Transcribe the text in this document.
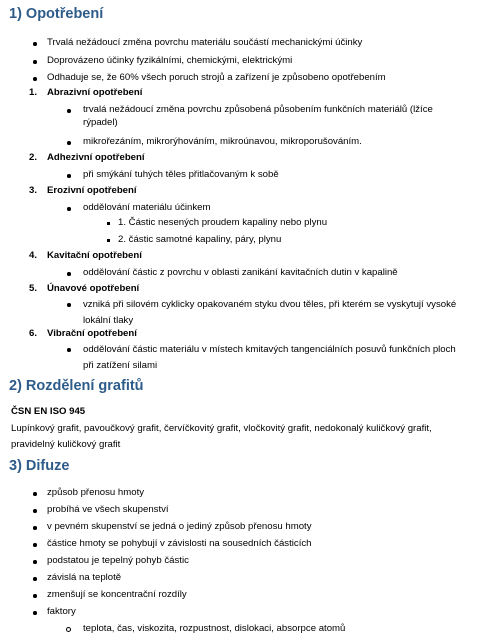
1) Opotřebení
Trvalá nežádoucí změna povrchu materiálu součástí mechanickými účinky
Doprovázeno účinky fyzikálními, chemickými, elektrickými
Odhaduje se, že 60% všech poruch strojů a zařízení je způsobeno opotřebením
1. Abrazivní opotřebení
trvalá nežádoucí změna povrchu způsobená působením funkčních materiálů (lžíce rýpadel)
mikrořezáním, mikrorýhováním, mikroúnavou, mikroporušováním.
2. Adhezivní opotřebení
při smýkání tuhých těles přitlačovaným k sobě
3. Erozivní opotřebení
oddělování materiálu účinkem
1. Částic nesených proudem kapaliny nebo plynu
2. částic samotné kapaliny, páry, plynu
4. Kavitační opotřebení
oddělování částic z povrchu v oblasti zanikání kavitačních dutin v kapalině
5. Únavové opotřebení
vzniká při silovém cyklicky opakovaném styku dvou těles, při kterém se vyskytují vysoké lokální tlaky
6. Vibrační opotřebení
oddělování částic materiálu v místech kmitavých tangenciálních posuvů funkčních ploch při zatížení silami
2) Rozdělení grafitů
ČSN EN ISO 945
Lupínkový grafit, pavoučkový grafit, červíčkovitý grafit, vločkovitý grafit, nedokonalý kuličkový grafit, pravidelný kuličkový grafit
3) Difuze
způsob přenosu hmoty
probíhá ve všech skupenství
v pevném skupenství se jedná o jediný způsob přenosu hmoty
částice hmoty se pohybují v závislosti na sousedních částicích
podstatou je tepelný pohyb částic
závislá na teplotě
zmenšují se koncentrační rozdíly
faktory
teplota, čas, viskozita, rozpustnost, dislokaci, absorpce atomů
